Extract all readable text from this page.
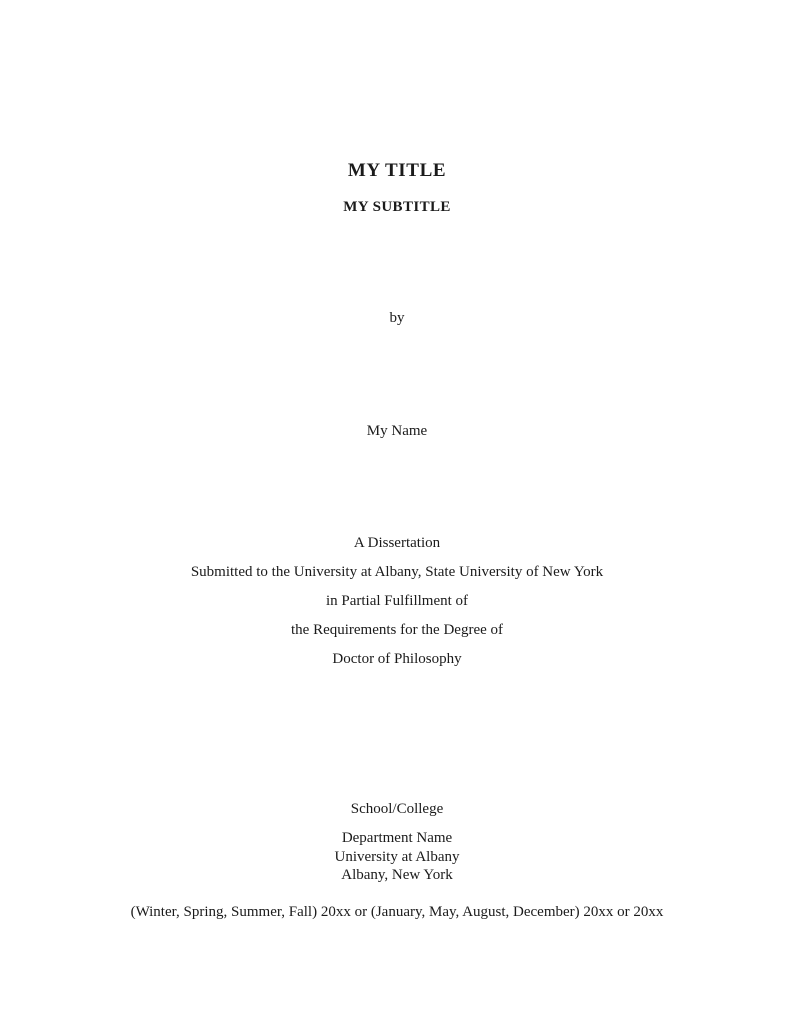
MY TITLE
MY SUBTITLE
by
My Name
A Dissertation
Submitted to the University at Albany, State University of New York
in Partial Fulfillment of
the Requirements for the Degree of
Doctor of Philosophy
School/College
Department Name
University at Albany
Albany, New York
(Winter, Spring, Summer, Fall) 20xx or (January, May, August, December) 20xx or 20xx
